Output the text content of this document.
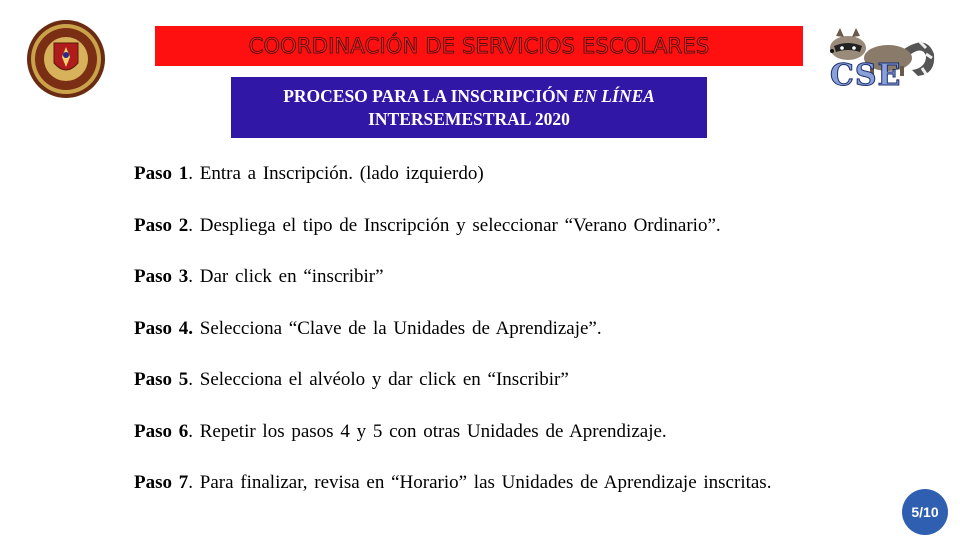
COORDINACIÓN DE SERVICIOS ESCOLARES
CSE
PROCESO PARA LA INSCRIPCIÓN EN LÍNEA
INTERSEMESTRAL 2020
Paso 1. Entra a Inscripción. (lado izquierdo)
Paso 2. Despliega el tipo de Inscripción y seleccionar “Verano Ordinario”.
Paso 3. Dar click en “inscribir”
Paso 4. Selecciona “Clave de la Unidades de Aprendizaje”.
Paso 5. Selecciona el alvéolo y dar click en “Inscribir”
Paso 6. Repetir los pasos 4 y 5 con otras Unidades de Aprendizaje.
Paso 7. Para finalizar, revisa en “Horario” las Unidades de Aprendizaje inscritas.
5/10
